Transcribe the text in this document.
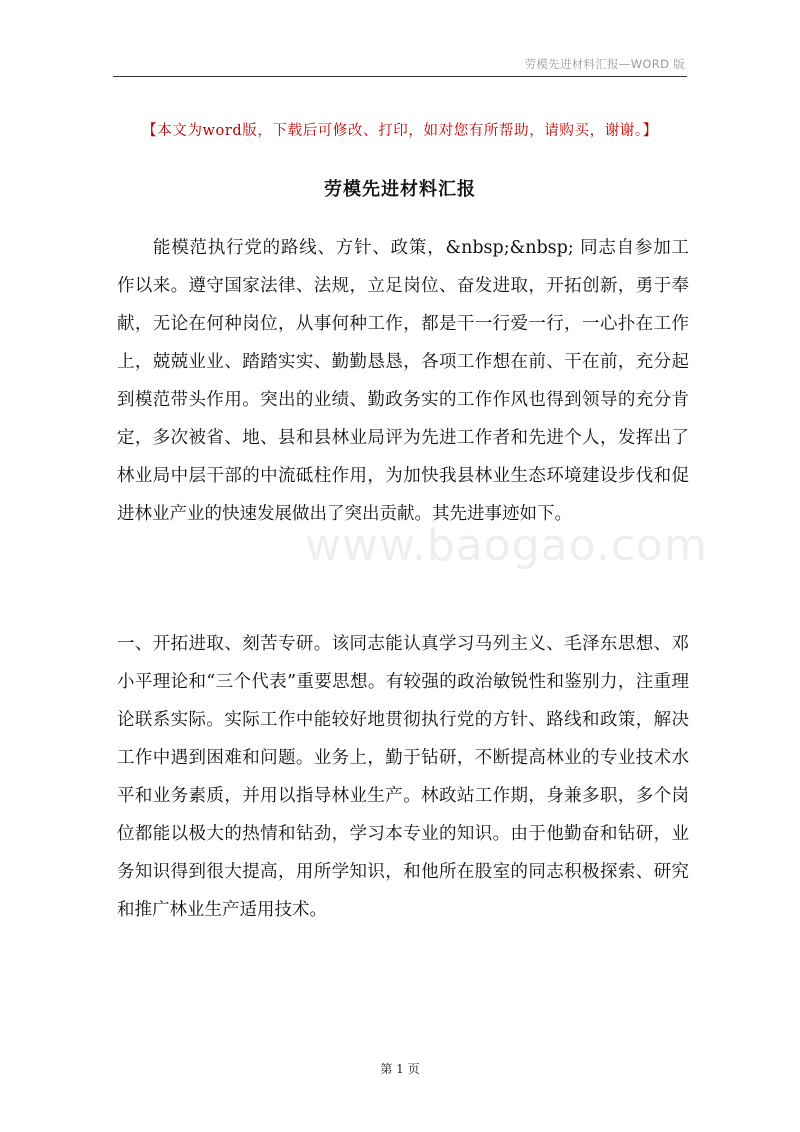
劳模先进材料汇报—WORD 版
【本文为word版，下载后可修改、打印，如对您有所帮助，请购买，谢谢。】
劳模先进材料汇报

能模范执行党的路线、方针、政策，&nbsp;&nbsp; 同志自参加工作以来。遵守国家法律、法规，立足岗位、奋发进取，开拓创新，勇于奉献，无论在何种岗位，从事何种工作，都是干一行爱一行，一心扑在工作上，兢兢业业、踏踏实实、勤勤恳恳，各项工作想在前、干在前，充分起到模范带头作用。突出的业绩、勤政务实的工作作风也得到领导的充分肯定，多次被省、地、县和县林业局评为先进工作者和先进个人，发挥出了林业局中层干部的中流砥柱作用，为加快我县林业生态环境建设步伐和促进林业产业的快速发展做出了突出贡献。其先进事迹如下。

www.baogao.com

一、开拓进取、刻苦专研。该同志能认真学习马列主义、毛泽东思想、邓小平理论和“三个代表”重要思想。有较强的政治敏锐性和鉴别力，注重理论联系实际。实际工作中能较好地贯彻执行党的方针、路线和政策，解决工作中遇到困难和问题。业务上，勤于钻研，不断提高林业的专业技术水平和业务素质，并用以指导林业生产。林政站工作期，身兼多职，多个岗位都能以极大的热情和钻劲，学习本专业的知识。由于他勤奋和钻研，业务知识得到很大提高，用所学知识，和他所在股室的同志积极探索、研究和推广林业生产适用技术。

第 1 页
